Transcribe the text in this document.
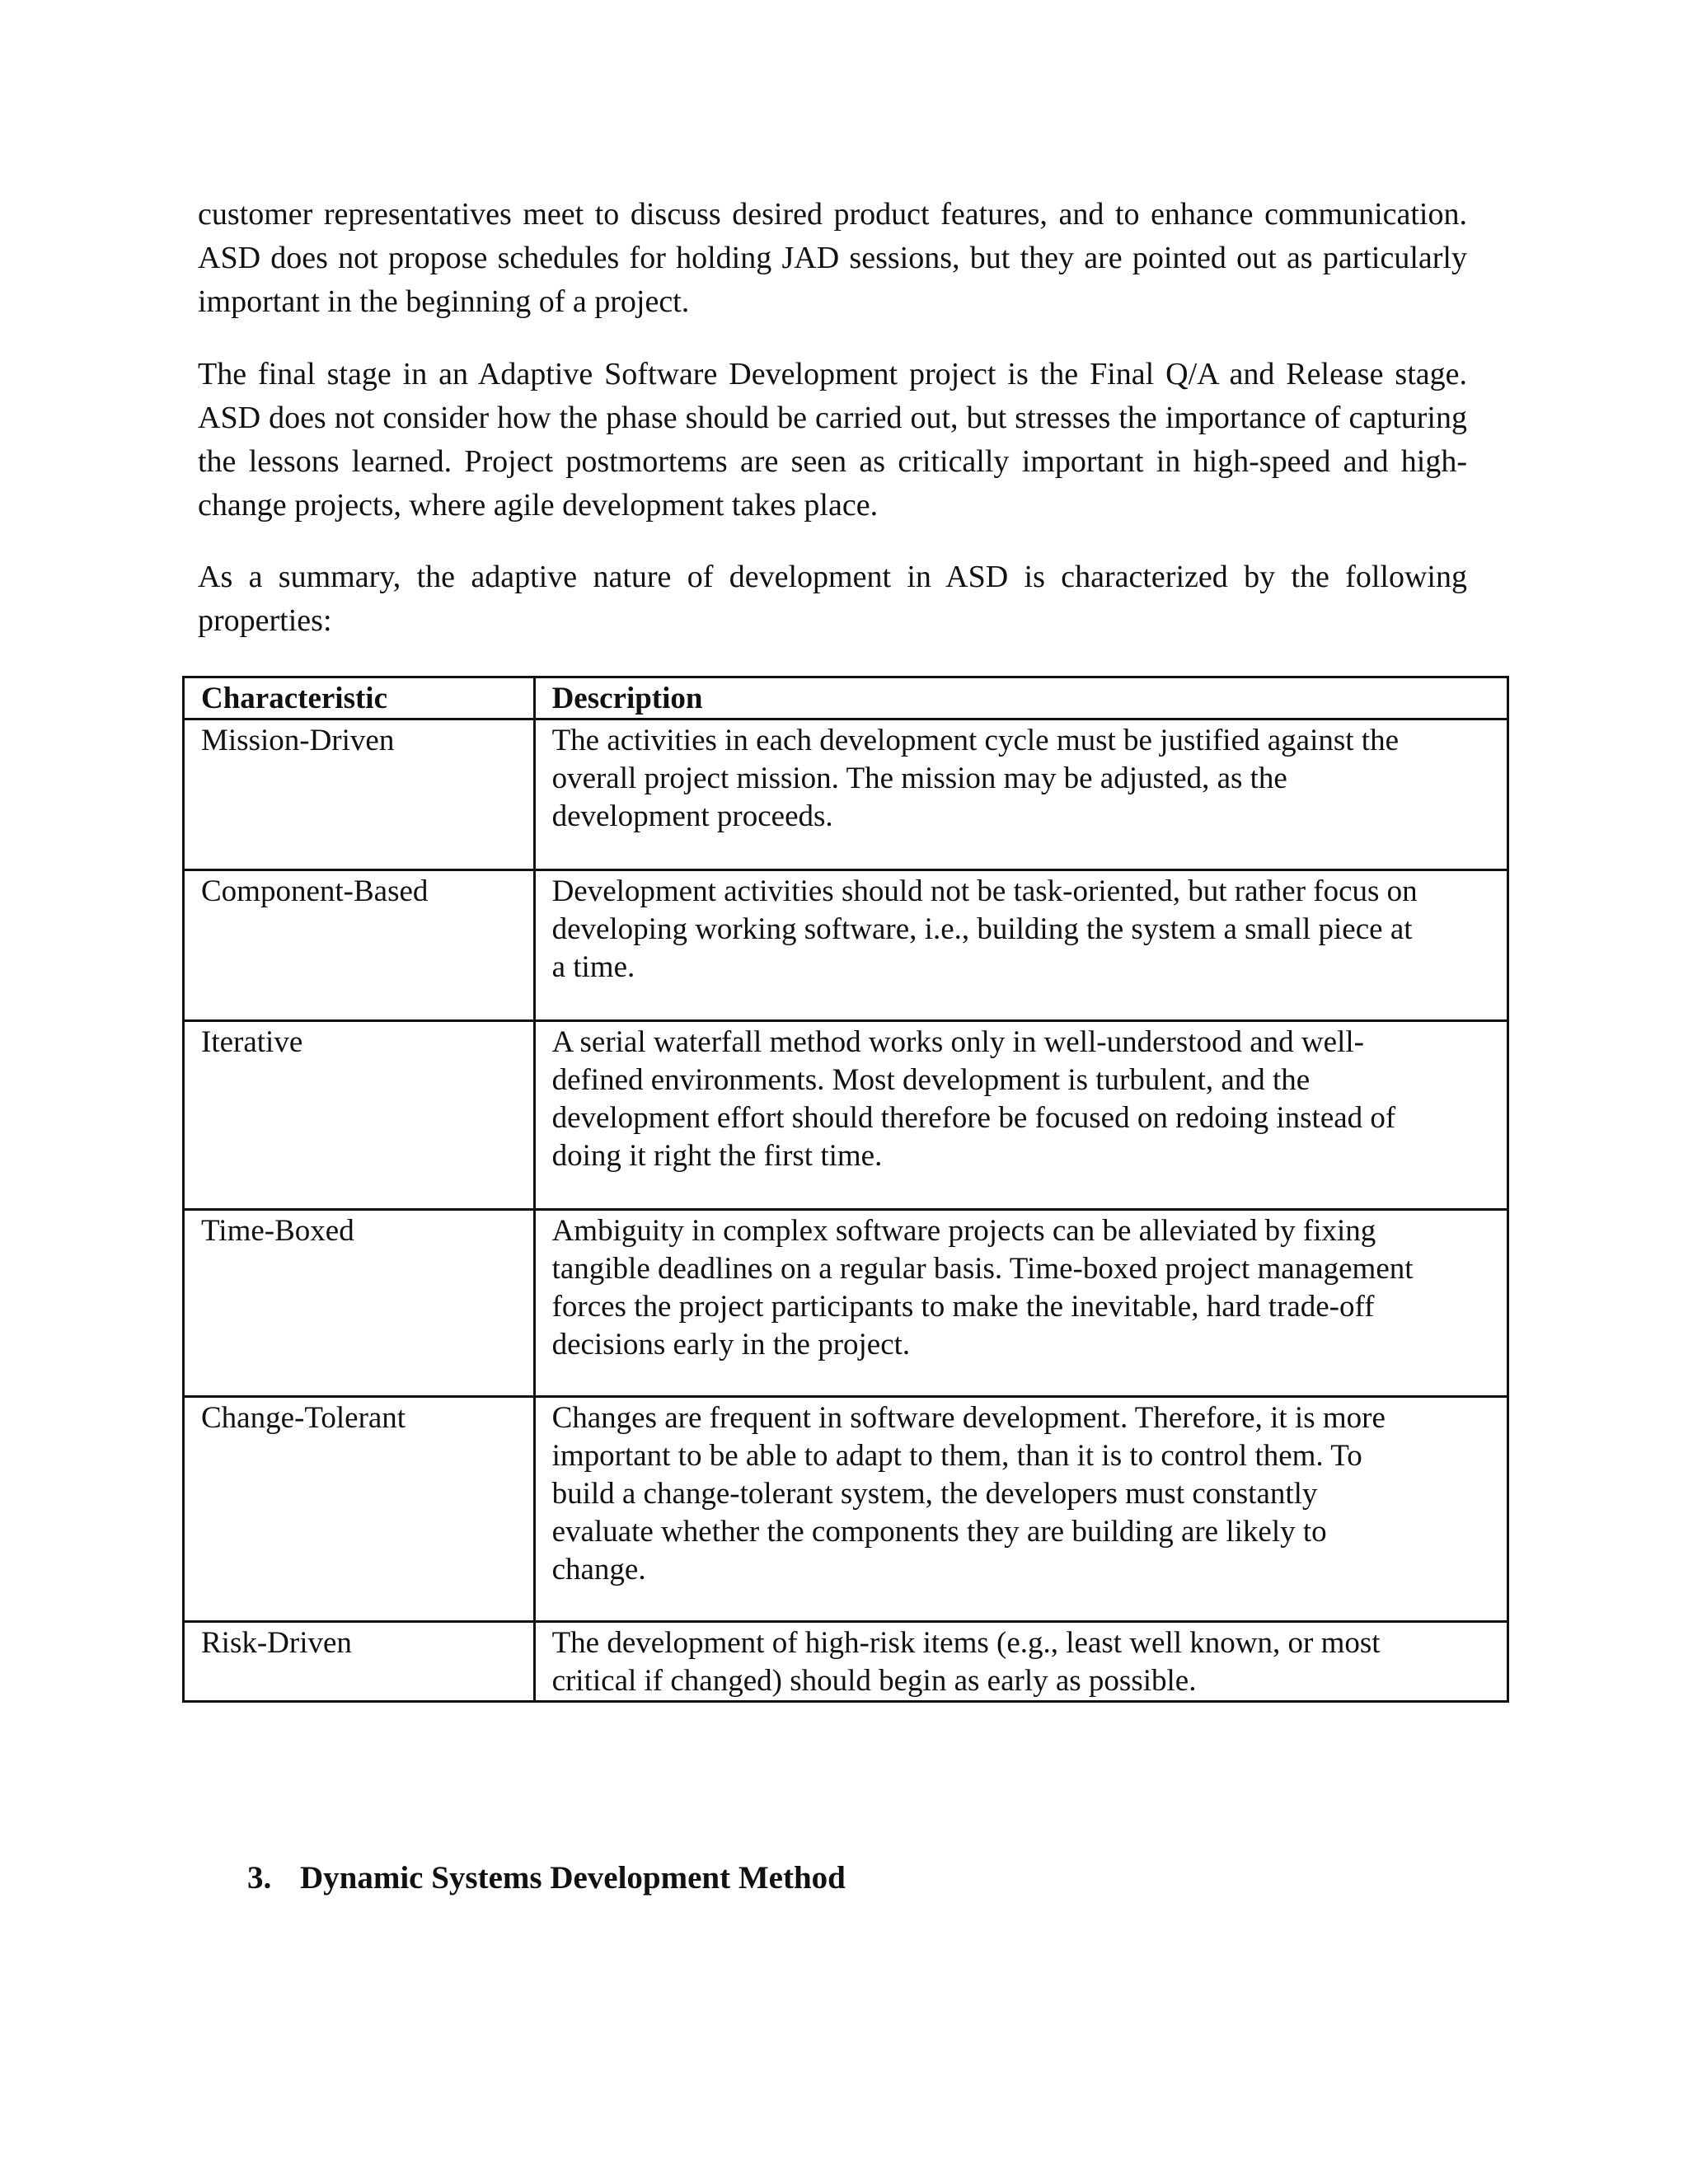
customer representatives meet to discuss desired product features, and to enhance communication. ASD does not propose schedules for holding JAD sessions, but they are pointed out as particularly important in the beginning of a project.

The final stage in an Adaptive Software Development project is the Final Q/A and Release stage. ASD does not consider how the phase should be carried out, but stresses the importance of capturing the lessons learned. Project postmortems are seen as critically important in high-speed and high-change projects, where agile development takes place.

As a summary, the adaptive nature of development in ASD is characterized by the following properties:

Characteristic	Description
Mission-Driven	The activities in each development cycle must be justified against the overall project mission. The mission may be adjusted, as the development proceeds.

Component-Based	Development activities should not be task-oriented, but rather focus on developing working software, i.e., building the system a small piece at a time.

Iterative	A serial waterfall method works only in well-understood and well-defined environments. Most development is turbulent, and the development effort should therefore be focused on redoing instead of doing it right the first time.

Time-Boxed	Ambiguity in complex software projects can be alleviated by fixing tangible deadlines on a regular basis. Time-boxed project management forces the project participants to make the inevitable, hard trade-off decisions early in the project.

Change-Tolerant	Changes are frequent in software development. Therefore, it is more important to be able to adapt to them, than it is to control them. To build a change-tolerant system, the developers must constantly evaluate whether the components they are building are likely to change.

Risk-Driven	The development of high-risk items (e.g., least well known, or most critical if changed) should begin as early as possible.
3. Dynamic Systems Development Method
